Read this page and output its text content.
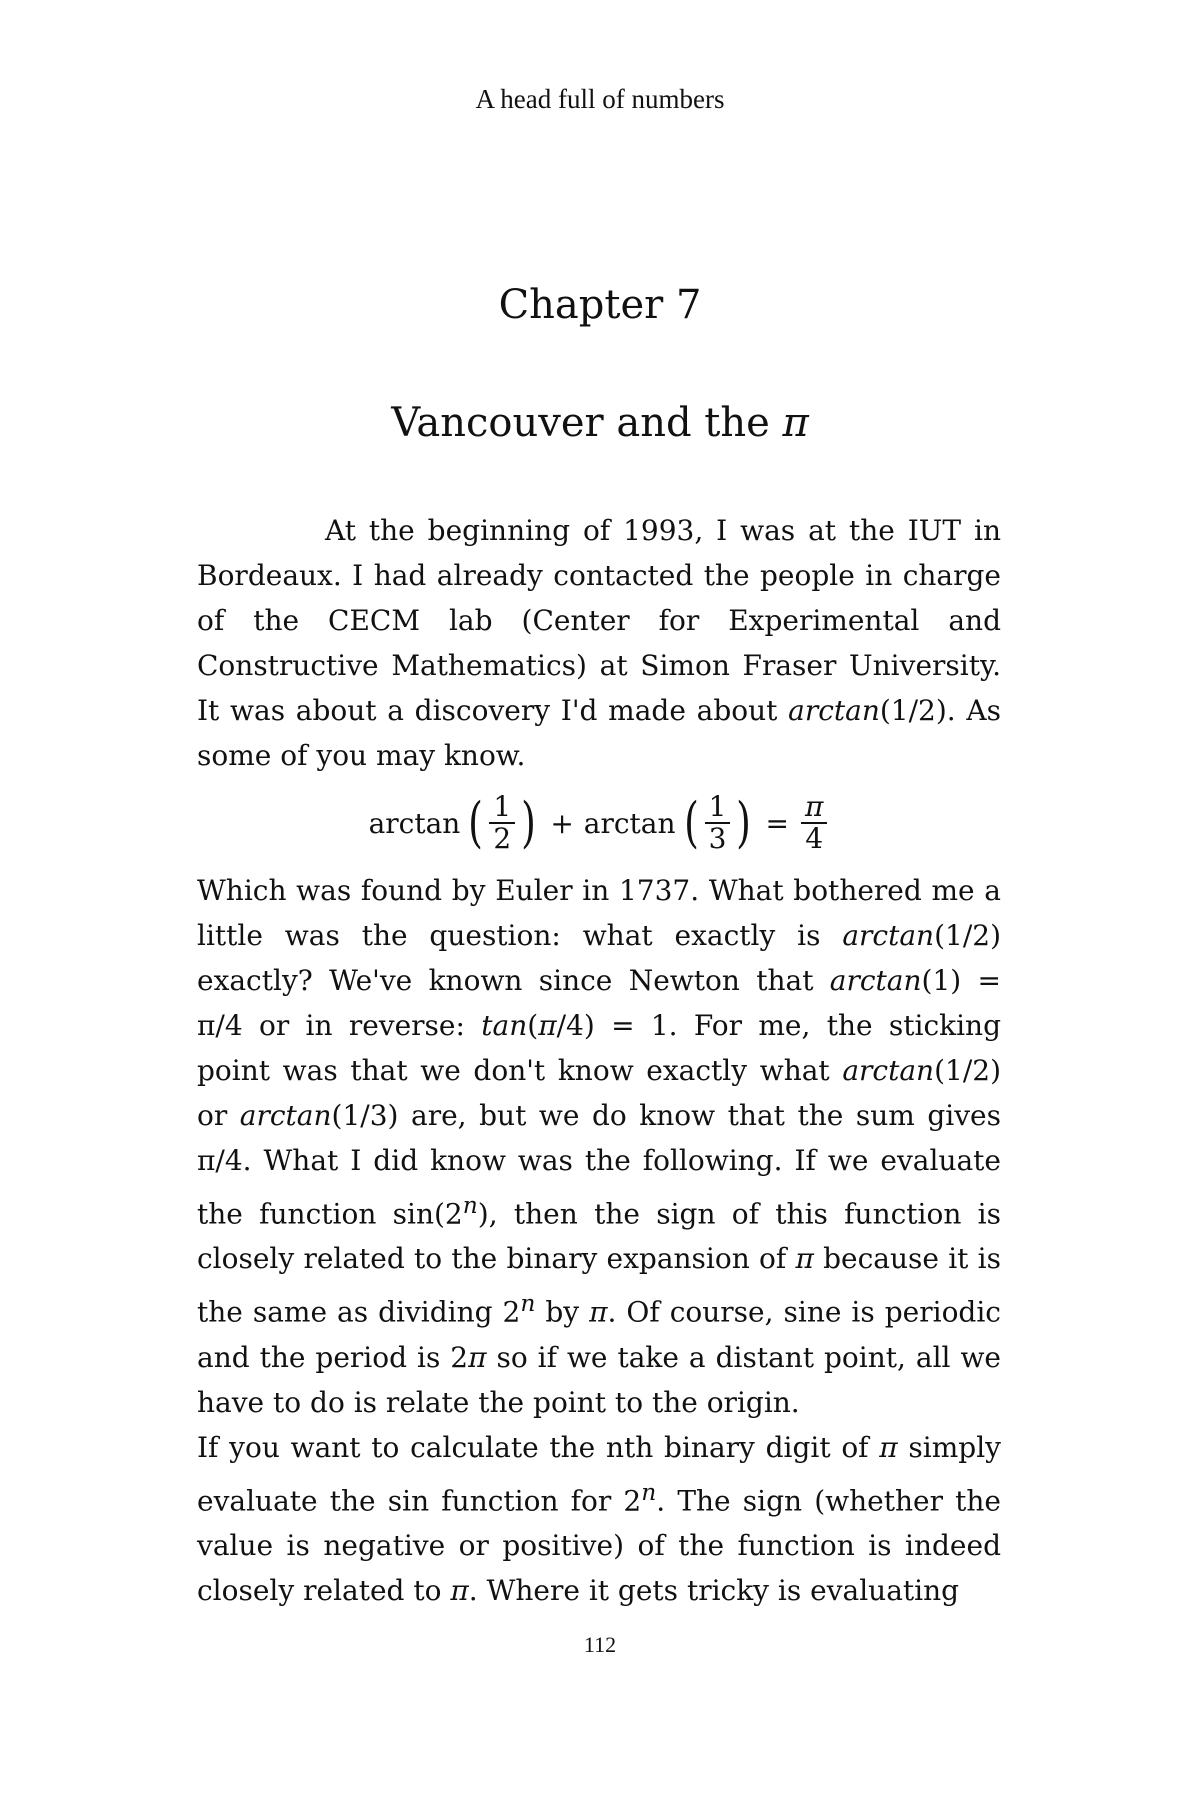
A head full of numbers
Chapter 7
Vancouver and the π

At the beginning of 1993, I was at the IUT in Bordeaux. I had already contacted the people in charge of the CECM lab (Center for Experimental and Constructive Mathematics) at Simon Fraser University. It was about a discovery I'd made about arctan(1/2). As some of you may know.

arctan ( $\frac{1}{2}$ ) + arctan ( $\frac{1}{3}$ ) = $\frac{\pi}{4}$

Which was found by Euler in 1737. What bothered me a little was the question: what exactly is arctan(1/2) exactly? We've known since Newton that arctan(1) = π/4 or in reverse: tan(π/4) = 1. For me, the sticking point was that we don't know exactly what arctan(1/2) or arctan(1/3) are, but we do know that the sum gives π/4. What I did know was the following. If we evaluate the function sin(2$^n$), then the sign of this function is closely related to the binary expansion of π because it is the same as dividing 2$^n$ by π. Of course, sine is periodic and the period is 2π so if we take a distant point, all we have to do is relate the point to the origin.

If you want to calculate the nth binary digit of π simply evaluate the sin function for 2$^n$. The sign (whether the value is negative or positive) of the function is indeed closely related to π. Where it gets tricky is evaluating

112
